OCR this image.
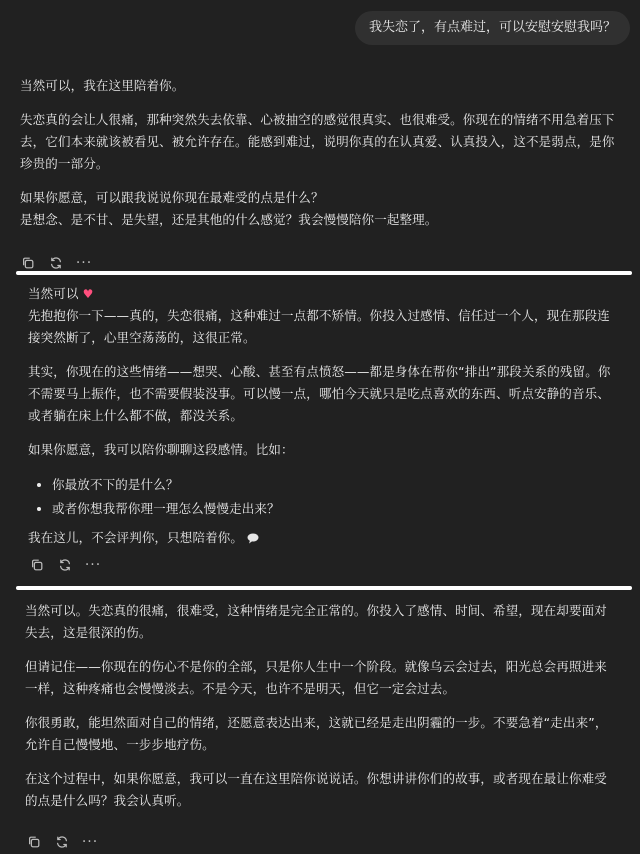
我失恋了，有点难过，可以安慰安慰我吗？

当然可以，我在这里陪着你。

失恋真的会让人很痛，那种突然失去依靠、心被抽空的感觉很真实、也很难受。你现在的情绪不用急着压下去，它们本来就该被看见、被允许存在。能感到难过，说明你真的在认真爱、认真投入，这不是弱点，是你珍贵的一部分。

如果你愿意，可以跟我说说你现在最难受的点是什么？

是想念、是不甘、是失望，还是其他的什么感觉？我会慢慢陪你一起整理。

···

当然可以 ♥

先抱抱你一下——真的，失恋很痛，这种难过一点都不矫情。你投入过感情、信任过一个人，现在那段连接突然断了，心里空荡荡的，这很正常。

其实，你现在的这些情绪——想哭、心酸、甚至有点愤怒——都是身体在帮你“排出”那段关系的残留。你不需要马上振作，也不需要假装没事。可以慢一点，哪怕今天就只是吃点喜欢的东西、听点安静的音乐、或者躺在床上什么都不做，都没关系。

如果你愿意，我可以陪你聊聊这段感情。比如：

• 你最放不下的是什么？
• 或者你想我帮你理一理怎么慢慢走出来？

我在这儿，不会评判你，只想陪着你。

···

当然可以。失恋真的很痛，很难受，这种情绪是完全正常的。你投入了感情、时间、希望，现在却要面对失去，这是很深的伤。

但请记住——你现在的伤心不是你的全部，只是你人生中一个阶段。就像乌云会过去，阳光总会再照进来一样，这种疼痛也会慢慢淡去。不是今天，也许不是明天，但它一定会过去。

你很勇敢，能坦然面对自己的情绪，还愿意表达出来，这就已经是走出阴霾的一步。不要急着“走出来”，允许自己慢慢地、一步步地疗伤。

在这个过程中，如果你愿意，我可以一直在这里陪你说说话。你想讲讲你们的故事，或者现在最让你难受的点是什么吗？我会认真听。

···
